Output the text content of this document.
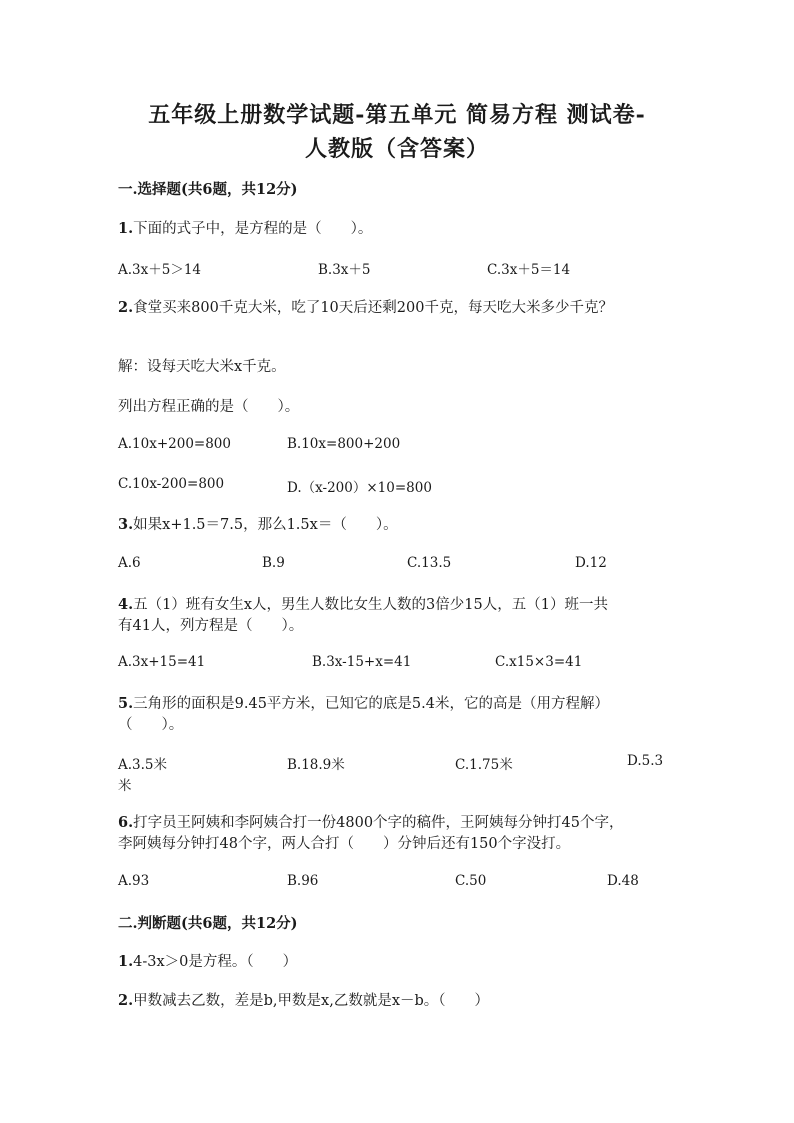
五年级上册数学试题-第五单元 简易方程 测试卷-
人教版（含答案）
一.选择题(共6题，共12分)
1.下面的式子中，是方程的是（　　）。
A.3x＋5＞14	B.3x＋5	C.3x＋5＝14
2.食堂买来800千克大米，吃了10天后还剩200千克，每天吃大米多少千克？
解：设每天吃大米x千克。
列出方程正确的是（　　）。
A.10x+200=800	B.10x=800+200
C.10x-200=800	D.（x-200）×10=800
3.如果x+1.5＝7.5，那么1.5x＝（　　）。
A.6	B.9	C.13.5	D.12
4.五（1）班有女生x人，男生人数比女生人数的3倍少15人，五（1）班一共
有41人，列方程是（　　）。
A.3x+15=41	B.3x-15+x=41	C.x15×3=41
5.三角形的面积是9.45平方米，已知它的底是5.4米，它的高是（用方程解）
（　　）。
A.3.5米	B.18.9米	C.1.75米	D.5.3
米
6.打字员王阿姨和李阿姨合打一份4800个字的稿件，王阿姨每分钟打45个字，
李阿姨每分钟打48个字，两人合打（　　）分钟后还有150个字没打。
A.93	B.96	C.50	D.48
二.判断题(共6题，共12分)
1.4-3x＞0是方程。（　　）
2.甲数减去乙数，差是b,甲数是x,乙数就是x－b。（　　）
